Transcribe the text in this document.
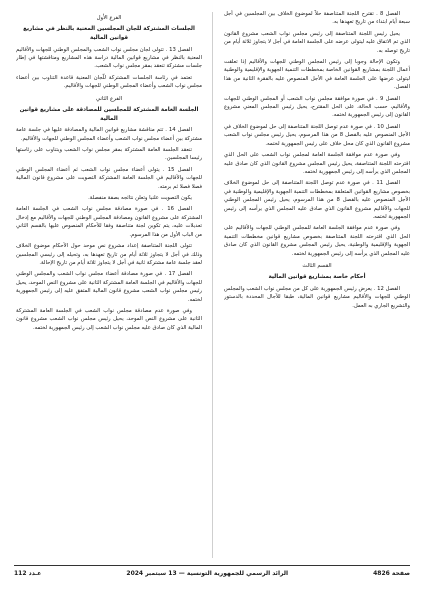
الفصل 8 . تقترح اللجنة المتناصفة حلاّ لموضوع الخلاف بين المجلسين في أجل سبعة أيام ابتداء من تاريخ تعهدها به.

يحيل رئيس اللجنة المتناصفة إلى رئيس مجلس نواب الشعب مشروع القانون الذي تم الاتفاق عليه ليتولى عرضه على الجلسة العامة في أجل لا يتجاوز ثلاثة أيام من تاريخ توصله به.

وتكون الإحالة وجوبا إلى رئيس المجلس الوطني للجهات والأقاليم إذا تعلقت أعمال اللجنة بمشاريع القوانين الخاصة بمخططات التنمية الجهوية والإقليمية والوطنية ليتولى عرضها على الجلسة العامة في الأجل المنصوص عليه بالفقرة الثانية من هذا الفصل.

الفصل 9 . في صورة موافقة مجلس نواب الشعب أو المجلس الوطني للجهات والأقاليم، حسب الحالة، على الحل المقترح، يحيل رئيس المجلس المعني مشروع القانون إلى رئيس الجمهورية لختمه.

الفصل 10 . في صورة عدم توصل اللجنة المتناصفة إلى حل لموضوع الخلاف في الأجل المنصوص عليه بالفصل 8 من هذا المرسوم، يحيل رئيس مجلس نواب الشعب مشروع القانون الذي كان محل خلاف على رئيس الجمهورية لختمه.

وفي صورة عدم موافقة الجلسة العامة لمجلس نواب الشعب على الحل الذي اقترحته اللجنة المتناصفة، يحيل رئيس المجلس مشروع القانون الذي كان صادق عليه المجلس الذي يرأسه إلى رئيس الجمهورية لختمه.

الفصل 11 . في صورة عدم توصل اللجنة المتناصفة إلى حل لموضوع الخلاف بخصوص مشاريع القوانين المتعلقة بمخططات التنمية الجهوية والإقليمية والوطنية في الأجل المنصوص عليه بالفصل 8 من هذا المرسوم، يحيل رئيس المجلس الوطني للجهات والأقاليم مشروع القانون الذي صادق عليه المجلس الذي يرأسه إلى رئيس الجمهورية لختمه.

وفي صورة عدم موافقة الجلسة العامة للمجلس الوطني للجهات والأقاليم على الحل الذي اقترحته اللجنة المتناصفة بخصوص مشاريع قوانين مخططات التنمية الجهوية والإقليمية والوطنية، يحيل رئيس المجلس مشروع القانون الذي كان صادق عليه المجلس الذي يرأسه إلى رئيس الجمهورية لختمه.

القسم الثالث

أحكام خاصة بمشاريع قوانين المالية

الفصل 12 . يعرض رئيس الجمهورية على كل من مجلس نواب الشعب والمجلس الوطني للجهات والأقاليم مشاريع قوانين المالية، طبقا للآجال المحددة بالدستور والتشريع الجاري به العمل.

الفرع الأول

الجلسات المشتركة للجان المجلسين المعنية بالنظر في مشاريع قوانين المالية

الفصل 13 . تتولى لجان مجلس نواب الشعب والمجلس الوطني للجهات والأقاليم المعنية بالنظر في مشاريع قوانين المالية دراسة هذه المشاريع ومناقشتها في إطار جلسات مشتركة تنعقد بمقر مجلس نواب الشعب.

تعتمد في رئاسة الجلسات المشتركة للّجان المعنية قاعدة التناوب بين أعضاء مجلس نواب الشعب وأعضاء المجلس الوطني للجهات والأقاليم.

الفرع الثاني

الجلسة العامة المشتركة للمجلسين للمصادقة على مشاريع قوانين المالية

الفصل 14 . تتم مناقشة مشاريع قوانين المالية والمصادقة عليها في جلسة عامة مشتركة بين أعضاء مجلس نواب الشعب وأعضاء المجلس الوطني للجهات والأقاليم.

تنعقد الجلسة العامة المشتركة بمقر مجلس نواب الشعب ويتناوب على رئاستها رئيسا المجلسين.

الفصل 15 . يتولى أعضاء مجلس نواب الشعب ثم أعضاء المجلس الوطني للجهات والأقاليم في الجلسة العامة المشتركة التصويت على مشروع قانون المالية فصلا فصلا ثم برمته.

يكون التصويت علنيا وتعلن نتائجه بصفة منفصلة.

الفصل 16 . في صورة مصادقة مجلس نواب الشعب في الجلسة العامة المشتركة على مشروع القانون ومصادقة المجلس الوطني للجهات والأقاليم مع إدخال تعديلات عليه، يتم تكوين لجنة متناصفة وفقا للأحكام المنصوص عليها بالقسم الثاني من الباب الأول من هذا المرسوم.

تتولى اللجنة المتناصفة إعداد مشروع نص موحد حول الأحكام موضوع الخلاف وذلك في أجل لا يتجاوز ثلاثة أيام من تاريخ تعهدها به، وتحيله إلى رئيسي المجلسين لعقد جلسة عامة مشتركة ثانية في أجل لا يتجاوز ثلاثة أيام من تاريخ الإحالة.

الفصل 17 . في صورة مصادقة أعضاء مجلس نواب الشعب والمجلس الوطني للجهات والأقاليم في الجلسة العامة المشتركة الثانية على مشروع النص الموحد، يحيل رئيس مجلس نواب الشعب مشروع قانون المالية المتفق عليه إلى رئيس الجمهورية لختمه.

وفي صورة عدم مصادقة مجلس نواب الشعب في الجلسة العامة المشتركة الثانية على مشروع النص الموحد، يحيل رئيس مجلس نواب الشعب مشروع قانون المالية الذي كان صادق عليه مجلس نواب الشعب إلى رئيس الجمهورية لختمه.

صفحة 4826
الرائد الرسمي للجمهورية التونسية — 13 سبتمبر 2024
عـدد 112
